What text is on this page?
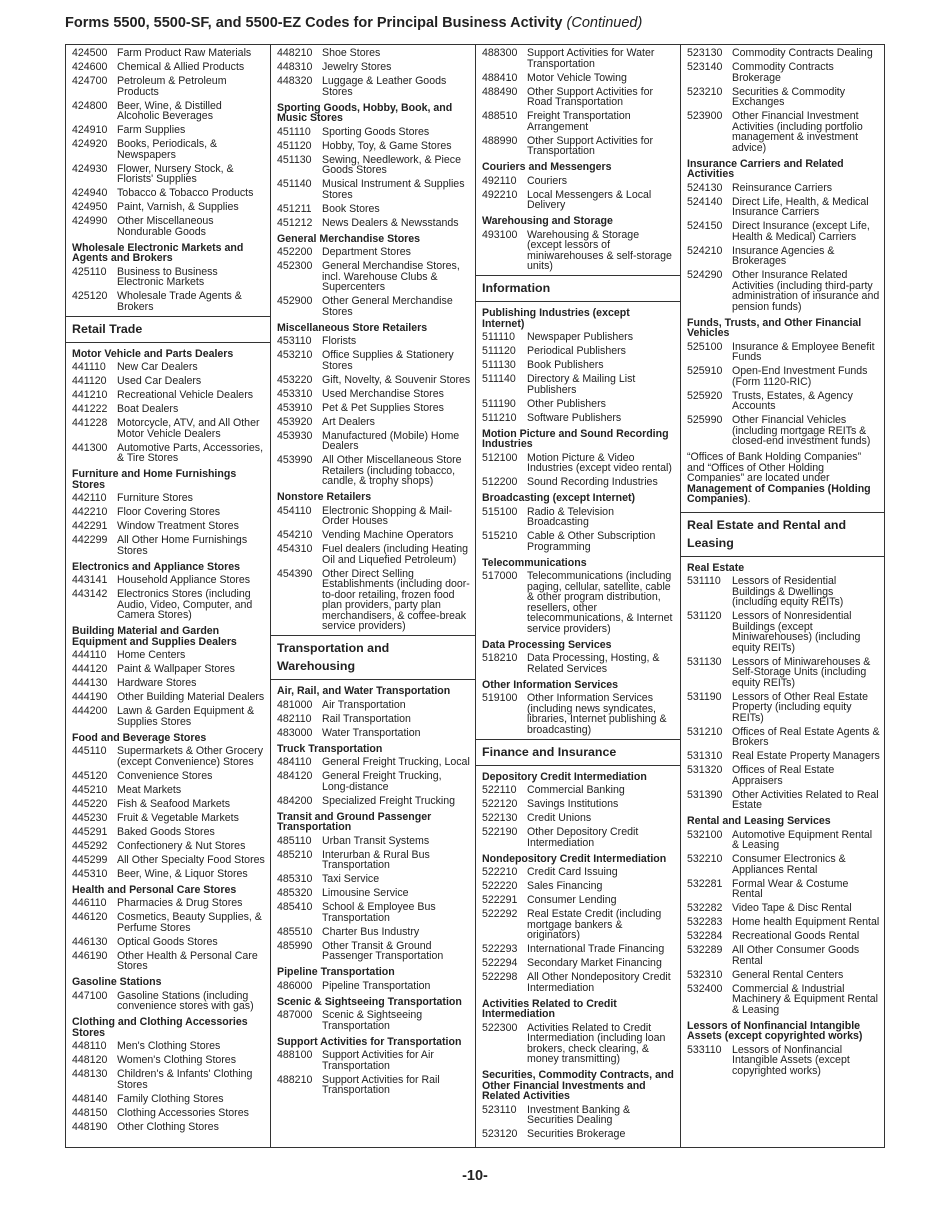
Forms 5500, 5500-SF, and 5500-EZ Codes for Principal Business Activity (Continued)
424500 Farm Product Raw Materials
424600 Chemical & Allied Products
424700 Petroleum & Petroleum Products
424800 Beer, Wine, & Distilled Alcoholic Beverages
424910 Farm Supplies
424920 Books, Periodicals, & Newspapers
424930 Flower, Nursery Stock, & Florists' Supplies
424940 Tobacco & Tobacco Products
424950 Paint, Varnish, & Supplies
424990 Other Miscellaneous Nondurable Goods
Wholesale Electronic Markets and Agents and Brokers
425110 Business to Business Electronic Markets
425120 Wholesale Trade Agents & Brokers
Retail Trade
Motor Vehicle and Parts Dealers
441110	New Car Dealers
441120 Used Car Dealers
441210 Recreational Vehicle Dealers
441222 Boat Dealers
441228 Motorcycle, ATV, and All Other Motor Vehicle Dealers
441300 Automotive Parts, Accessories, & Tire Stores
Furniture and Home Furnishings Stores
442110 Furniture Stores
442210 Floor Covering Stores
442291 Window Treatment Stores
442299 All Other Home Furnishings Stores
Electronics and Appliance Stores
443141 Household Appliance Stores
443142 Electronics Stores (including Audio, Video, Computer, and Camera Stores)
Building Material and Garden Equipment and Supplies Dealers
444110 Home Centers
444120 Paint & Wallpaper Stores
444130 Hardware Stores
444190 Other Building Material Dealers
444200 Lawn & Garden Equipment & Supplies Stores
Food and Beverage Stores
445110 Supermarkets & Other Grocery (except Convenience) Stores
445120 Convenience Stores
445210 Meat Markets
445220 Fish & Seafood Markets
445230 Fruit & Vegetable Markets
445291 Baked Goods Stores
445292 Confectionery & Nut Stores
445299 All Other Specialty Food Stores
445310 Beer, Wine, & Liquor Stores
Health and Personal Care Stores
446110 Pharmacies & Drug Stores
446120 Cosmetics, Beauty Supplies, & Perfume Stores
446130 Optical Goods Stores
446190 Other Health & Personal Care Stores
Gasoline Stations
447100 Gasoline Stations (including convenience stores with gas)
Clothing and Clothing Accessories Stores
448110 Men's Clothing Stores
448120 Women's Clothing Stores
448130 Children's & Infants' Clothing Stores
448140 Family Clothing Stores
448150 Clothing Accessories Stores
448190 Other Clothing Stores
448210 Shoe Stores
448310 Jewelry Stores
448320 Luggage & Leather Goods Stores
Sporting Goods, Hobby, Book, and Music Stores
451110	Sporting Goods Stores
451120 Hobby, Toy, & Game Stores
451130 Sewing, Needlework, & Piece Goods Stores
451140 Musical Instrument & Supplies Stores
451211 Book Stores
451212 News Dealers & Newsstands
General Merchandise Stores
452200 Department Stores
452300 General Merchandise Stores, incl. Warehouse Clubs & Supercenters
452900 Other General Merchandise Stores
Miscellaneous Store Retailers
453110 Florists
453210 Office Supplies & Stationery Stores
453220 Gift, Novelty, & Souvenir Stores
453310 Used Merchandise Stores
453910 Pet & Pet Supplies Stores
453920 Art Dealers
453930 Manufactured (Mobile) Home Dealers
453990 All Other Miscellaneous Store Retailers (including tobacco, candle, & trophy shops)
Nonstore Retailers
454110 Electronic Shopping & Mail-Order Houses
454210 Vending Machine Operators
454310 Fuel dealers (including Heating Oil and Liquefied Petroleum)
454390 Other Direct Selling Establishments (including door-to-door retailing, frozen food plan providers, party plan merchandisers, & coffee-break service providers)
Transportation and Warehousing
Air, Rail, and Water Transportation
481000 Air Transportation
482110 Rail Transportation
483000 Water Transportation
Truck Transportation
484110 General Freight Trucking, Local
484120 General Freight Trucking, Long-distance
484200 Specialized Freight Trucking
Transit and Ground Passenger Transportation
485110 Urban Transit Systems
485210 Interurban & Rural Bus Transportation
485310 Taxi Service
485320 Limousine Service
485410 School & Employee Bus Transportation
485510 Charter Bus Industry
485990 Other Transit & Ground Passenger Transportation
Pipeline Transportation
486000 Pipeline Transportation
Scenic & Sightseeing Transportation
487000 Scenic & Sightseeing Transportation
Support Activities for Transportation
488100 Support Activities for Air Transportation
488210 Support Activities for Rail Transportation
488300 Support Activities for Water Transportation
488410 Motor Vehicle Towing
488490 Other Support Activities for Road Transportation
488510 Freight Transportation Arrangement
488990 Other Support Activities for Transportation
Couriers and Messengers
492110 Couriers
492210 Local Messengers & Local Delivery
Warehousing and Storage
493100 Warehousing & Storage (except lessors of miniwarehouses & self-storage units)
Information
Publishing Industries (except Internet)
511110	Newspaper Publishers
511120	Periodical Publishers
511130	Book Publishers
511140	Directory & Mailing List Publishers
511190	Other Publishers
511210 Software Publishers
Motion Picture and Sound Recording Industries
512100 Motion Picture & Video Industries (except video rental)
512200 Sound Recording Industries
Broadcasting (except Internet)
515100 Radio & Television Broadcasting
515210 Cable & Other Subscription Programming
Telecommunications
517000 Telecommunications (including paging, cellular, satellite, cable & other program distribution, resellers, other telecommunications, & Internet service providers)
Data Processing Services
518210 Data Processing, Hosting, & Related Services
Other Information Services
519100 Other Information Services (including news syndicates, libraries, Internet publishing & broadcasting)
Finance and Insurance
Depository Credit Intermediation
522110 Commercial Banking
522120 Savings Institutions
522130 Credit Unions
522190 Other Depository Credit Intermediation
Nondepository Credit Intermediation
522210 Credit Card Issuing
522220 Sales Financing
522291 Consumer Lending
522292 Real Estate Credit (including mortgage bankers & originators)
522293 International Trade Financing
522294 Secondary Market Financing
522298 All Other Nondepository Credit Intermediation
Activities Related to Credit Intermediation
522300 Activities Related to Credit Intermediation (including loan brokers, check clearing, & money transmitting)
Securities, Commodity Contracts, and Other Financial Investments and Related Activities
523110 Investment Banking & Securities Dealing
523120 Securities Brokerage
523130 Commodity Contracts Dealing
523140 Commodity Contracts Brokerage
523210 Securities & Commodity Exchanges
523900 Other Financial Investment Activities (including portfolio management & investment advice)
Insurance Carriers and Related Activities
524130 Reinsurance Carriers
524140 Direct Life, Health, & Medical Insurance Carriers
524150 Direct Insurance (except Life, Health & Medical) Carriers
524210 Insurance Agencies & Brokerages
524290 Other Insurance Related Activities (including third-party administration of insurance and pension funds)
Funds, Trusts, and Other Financial Vehicles
525100 Insurance & Employee Benefit Funds
525910 Open-End Investment Funds (Form 1120-RIC)
525920 Trusts, Estates, & Agency Accounts
525990 Other Financial Vehicles (including mortgage REITs & closed-end investment funds)
“Offices of Bank Holding Companies” and “Offices of Other Holding Companies” are located under Management of Companies (Holding Companies).
Real Estate and Rental and Leasing
Real Estate
531110	Lessors of Residential Buildings & Dwellings (including equity REITs)
531120 Lessors of Nonresidential Buildings (except Miniwarehouses) (including equity REITs)
531130 Lessors of Miniwarehouses & Self-Storage Units (including equity REITs)
531190 Lessors of Other Real Estate Property (including equity REITs)
531210 Offices of Real Estate Agents & Brokers
531310 Real Estate Property Managers
531320 Offices of Real Estate Appraisers
531390 Other Activities Related to Real Estate
Rental and Leasing Services
532100 Automotive Equipment Rental & Leasing
532210 Consumer Electronics & Appliances Rental
532281 Formal Wear & Costume Rental
532282 Video Tape & Disc Rental
532283 Home health Equipment Rental
532284 Recreational Goods Rental
532289 All Other Consumer Goods Rental
532310 General Rental Centers
532400 Commercial & Industrial Machinery & Equipment Rental & Leasing
Lessors of Nonfinancial Intangible Assets (except copyrighted works)
533110 Lessors of Nonfinancial Intangible Assets (except copyrighted works)
-10-
